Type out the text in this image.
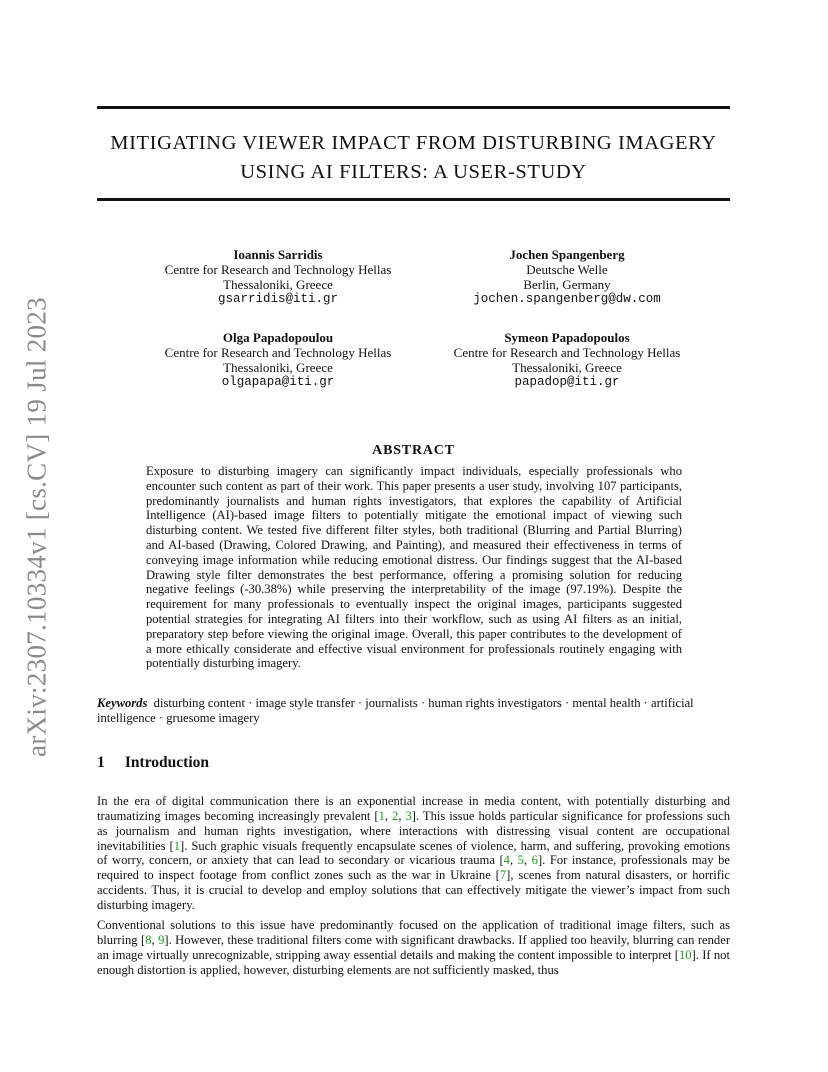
arXiv:2307.10334v1 [cs.CV] 19 Jul 2023
MITIGATING VIEWER IMPACT FROM DISTURBING IMAGERY
USING AI FILTERS: A USER-STUDY
Ioannis Sarridis
Centre for Research and Technology Hellas
Thessaloniki, Greece
gsarridis@iti.gr
Jochen Spangenberg
Deutsche Welle
Berlin, Germany
jochen.spangenberg@dw.com
Olga Papadopoulou
Centre for Research and Technology Hellas
Thessaloniki, Greece
olgapapa@iti.gr
Symeon Papadopoulos
Centre for Research and Technology Hellas
Thessaloniki, Greece
papadop@iti.gr
ABSTRACT

Exposure to disturbing imagery can significantly impact individuals, especially professionals who encounter such content as part of their work. This paper presents a user study, involving 107 participants, predominantly journalists and human rights investigators, that explores the capability of Artificial Intelligence (AI)-based image filters to potentially mitigate the emotional impact of viewing such disturbing content. We tested five different filter styles, both traditional (Blurring and Partial Blurring) and AI-based (Drawing, Colored Drawing, and Painting), and measured their effectiveness in terms of conveying image information while reducing emotional distress. Our findings suggest that the AI-based Drawing style filter demonstrates the best performance, offering a promising solution for reducing negative feelings (-30.38%) while preserving the interpretability of the image (97.19%). Despite the requirement for many professionals to eventually inspect the original images, participants suggested potential strategies for integrating AI filters into their workflow, such as using AI filters as an initial, preparatory step before viewing the original image. Overall, this paper contributes to the development of a more ethically considerate and effective visual environment for professionals routinely engaging with potentially disturbing imagery.

Keywords disturbing content · image style transfer · journalists · human rights investigators · mental health · artificial intelligence · gruesome imagery

1 Introduction

In the era of digital communication there is an exponential increase in media content, with potentially disturbing and traumatizing images becoming increasingly prevalent [1, 2, 3]. This issue holds particular significance for professions such as journalism and human rights investigation, where interactions with distressing visual content are occupational inevitabilities [1]. Such graphic visuals frequently encapsulate scenes of violence, harm, and suffering, provoking emotions of worry, concern, or anxiety that can lead to secondary or vicarious trauma [4, 5, 6]. For instance, professionals may be required to inspect footage from conflict zones such as the war in Ukraine [7], scenes from natural disasters, or horrific accidents. Thus, it is crucial to develop and employ solutions that can effectively mitigate the viewer’s impact from such disturbing imagery.

Conventional solutions to this issue have predominantly focused on the application of traditional image filters, such as blurring [8, 9]. However, these traditional filters come with significant drawbacks. If applied too heavily, blurring can render an image virtually unrecognizable, stripping away essential details and making the content impossible to interpret [10]. If not enough distortion is applied, however, disturbing elements are not sufficiently masked, thus
